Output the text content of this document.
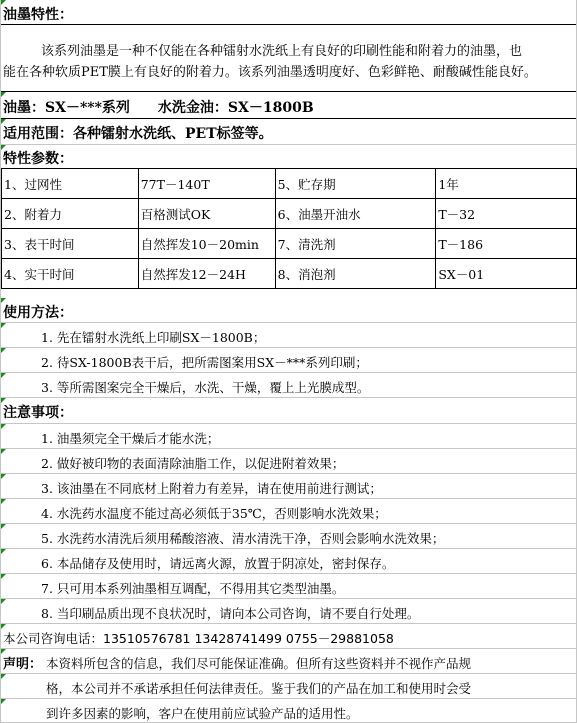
油墨特性：
该系列油墨是一种不仅能在各种镭射水洗纸上有良好的印刷性能和附着力的油墨，也
能在各种软质PET膜上有良好的附着力。该系列油墨透明度好、色彩鲜艳、耐酸碱性能良好。
油墨：SX－***系列　　水洗金油：SX－1800B
适用范围：各种镭射水洗纸、PET标签等。
特性参数：
1、过网性	77T－140T	5、贮存期	1年
2、附着力	百格测试OK	6、油墨开油水	T－32
3、表干时间	自然挥发10－20min	7、清洗剂	T－186
4、实干时间	自然挥发12－24H	8、消泡剂	SX－01
使用方法：
1. 先在镭射水洗纸上印刷SX－1800B；
2. 待SX-1800B表干后，把所需图案用SX－***系列印刷；
3. 等所需图案完全干燥后，水洗、干燥，覆上上光膜成型。
注意事项：
1. 油墨须完全干燥后才能水洗；
2. 做好被印物的表面清除油脂工作，以促进附着效果；
3. 该油墨在不同底材上附着力有差异，请在使用前进行测试；
4. 水洗药水温度不能过高必须低于35℃，否则影响水洗效果；
5. 水洗药水清洗后须用稀酸溶液、清水清洗干净，否则会影响水洗效果；
6. 本品储存及使用时，请远离火源，放置于阴凉处，密封保存。
7. 只可用本系列油墨相互调配，不得用其它类型油墨。
8. 当印刷品质出现不良状况时，请向本公司咨询，请不要自行处理。
本公司咨询电话：13510576781 13428741499 0755－29881058
声明： 本资料所包含的信息，我们尽可能保证准确。但所有这些资料并不视作产品规
格，本公司并不承诺承担任何法律责任。鉴于我们的产品在加工和使用时会受
到许多因素的影响，客户在使用前应试验产品的适用性。
